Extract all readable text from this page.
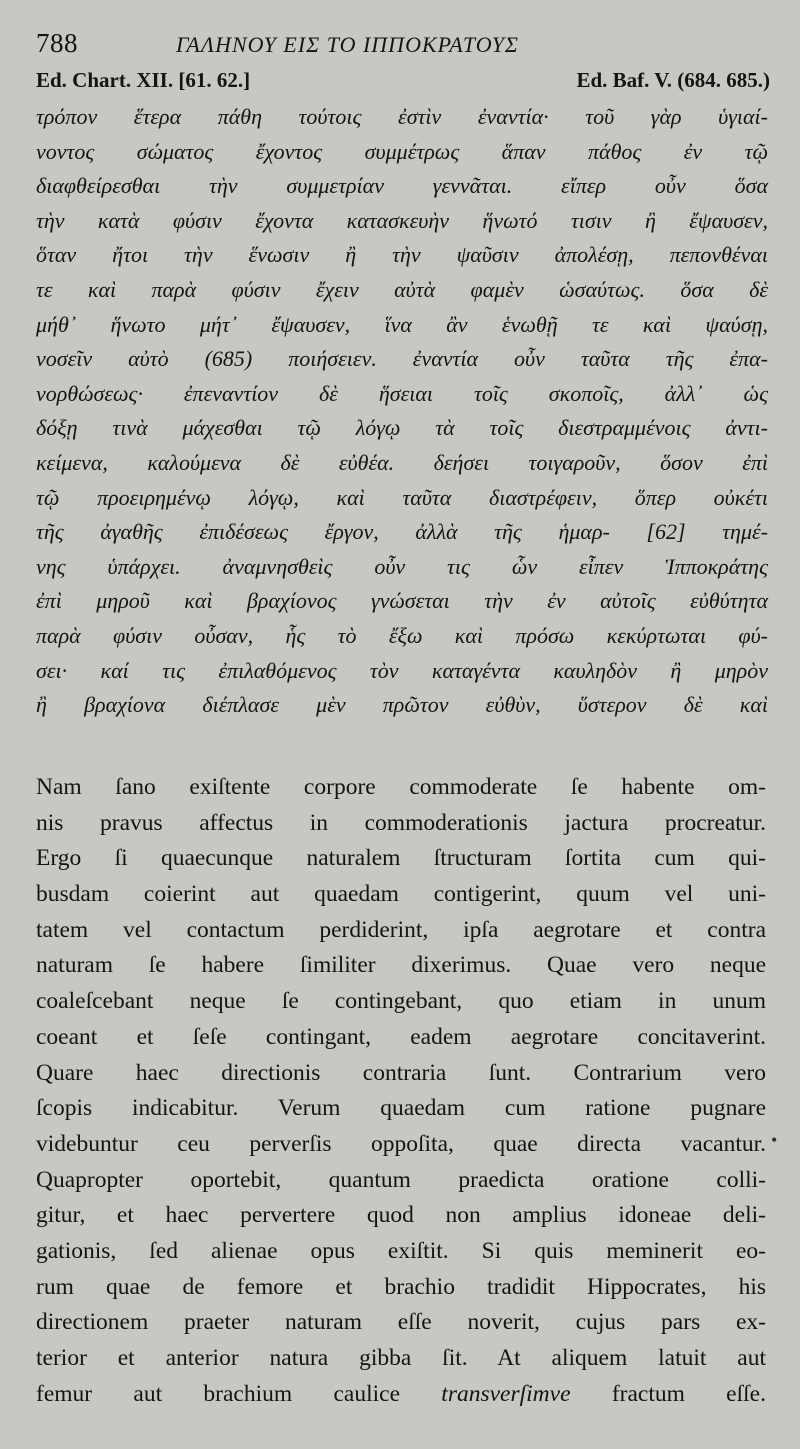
788	ΓΑΛΗΝΟΥ ΕΙΣ ΤΟ ΙΠΠΟΚΡΑΤΟΥΣ
Ed. Chart. XII. [61. 62.]	Ed. Baf. V. (684. 685.)
τρόπον ἕτερα πάθη τούτοις ἐστὶν ἐναντία· τοῦ γὰρ ὑγιαί-
νοντος σώματος ἔχοντος συμμέτρως ἅπαν πάθος ἐν τῷ
διαφθείρεσθαι τὴν συμμετρίαν γεννᾶται. εἴπερ οὖν ὅσα
τὴν κατὰ φύσιν ἔχοντα κατασκευὴν ἥνωτό τισιν ἢ ἔψαυσεν,
ὅταν ἤτοι τὴν ἕνωσιν ἢ τὴν ψαῦσιν ἀπολέσῃ, πεπονθέναι
τε καὶ παρὰ φύσιν ἔχειν αὐτὰ φαμὲν ὡσαύτως. ὅσα δὲ
μήθ᾽ ἥνωτο μήτ᾽ ἔψαυσεν, ἵνα ἂν ἑνωθῇ τε καὶ ψαύσῃ,
νοσεῖν αὐτὸ (685) ποιήσειεν. ἐναντία οὖν ταῦτα τῆς ἐπα-
νορθώσεως· ἐπεναντίον δὲ ἥσειαι τοῖς σκοποῖς, ἀλλ᾽ ὡς
δόξῃ τινὰ μάχεσθαι τῷ λόγῳ τὰ τοῖς διεστραμμένοις ἀντι-
κείμενα, καλούμενα δὲ εὐθέα. δεήσει τοιγαροῦν, ὅσον ἐπὶ
τῷ προειρημένῳ λόγῳ, καὶ ταῦτα διαστρέφειν, ὅπερ οὐκέτι
τῆς ἀγαθῆς ἐπιδέσεως ἔργον, ἀλλὰ τῆς ἡμαρ- [62] τημέ-
νης ὑπάρχει. ἀναμνησθεὶς οὖν τις ὧν εἶπεν Ἱπποκράτης
ἐπὶ μηροῦ καὶ βραχίονος γνώσεται τὴν ἐν αὐτοῖς εὐθύτητα
παρὰ φύσιν οὖσαν, ἧς τὸ ἔξω καὶ πρόσω κεκύρτωται φύ-
σει· καί τις ἐπιλαθόμενος τὸν καταγέντα καυληδὸν ἢ μηρὸν
ἢ βραχίονα διέπλασε μὲν πρῶτον εὐθὺν, ὕστερον δὲ καὶ
Nam ſano exiſtente corpore commoderate ſe habente om-
nis pravus affectus in commoderationis jactura procreatur.
Ergo ſi quaecunque naturalem ſtructuram ſortita cum qui-
busdam coierint aut quaedam contigerint, quum vel uni-
tatem vel contactum perdiderint, ipſa aegrotare et contra
naturam ſe habere ſimiliter dixerimus. Quae vero neque
coaleſcebant neque ſe contingebant, quo etiam in unum
coeant et ſeſe contingant, eadem aegrotare concitaverint.
Quare haec directionis contraria ſunt. Contrarium vero
ſcopis indicabitur. Verum quaedam cum ratione pugnare
videbuntur ceu perverſis oppoſita, quae directa vacantur.
Quapropter oportebit, quantum praedicta oratione colli-
gitur, et haec pervertere quod non amplius idoneae deli-
gationis, ſed alienae opus exiſtit. Si quis meminerit eo-
rum quae de femore et brachio tradidit Hippocrates, his
directionem praeter naturam eſſe noverit, cujus pars ex-
terior et anterior natura gibba ſit. At aliquem latuit aut
femur aut brachium caulice transverſimve fractum eſſe.
•
